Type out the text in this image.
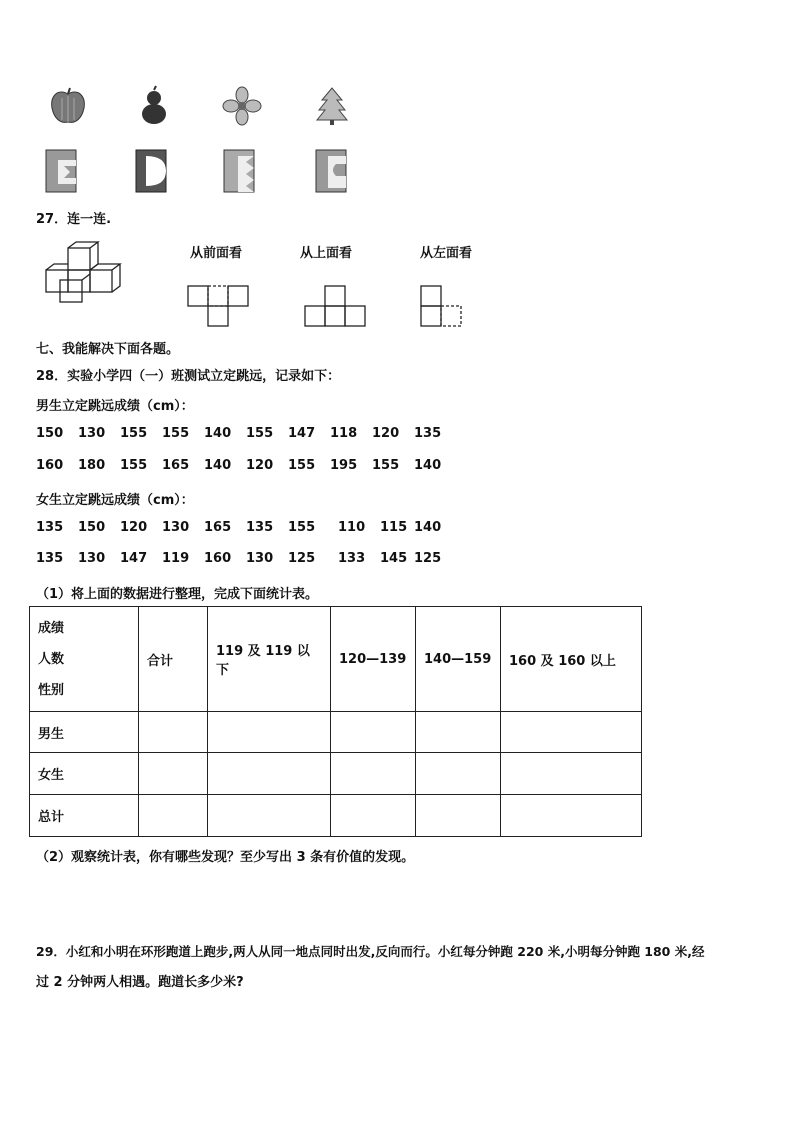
27．连一连.
从前面看	从上面看	从左面看
七、我能解决下面各题。
28．实验小学四（一）班测试立定跳远，记录如下：
男生立定跳远成绩（cm）：
150 130 155 155 140 155 147 118 120 135
160 180 155 165 140 120 155 195 155 140
女生立定跳远成绩（cm）：
135 150 120 130 165 135 155 110 115 140
135 130 147 119 160 130 125 133 145 125
（1）将上面的数据进行整理，完成下面统计表。
成绩
人数
性别	合计	119 及 119 以下	120—139	140—159	160 及 160 以上
男生					
女生					
总计					
（2）观察统计表，你有哪些发现？至少写出 3 条有价值的发现。
29．小红和小明在环形跑道上跑步,两人从同一地点同时出发,反向而行。小红每分钟跑 220 米,小明每分钟跑 180 米,经
过 2 分钟两人相遇。跑道长多少米?
